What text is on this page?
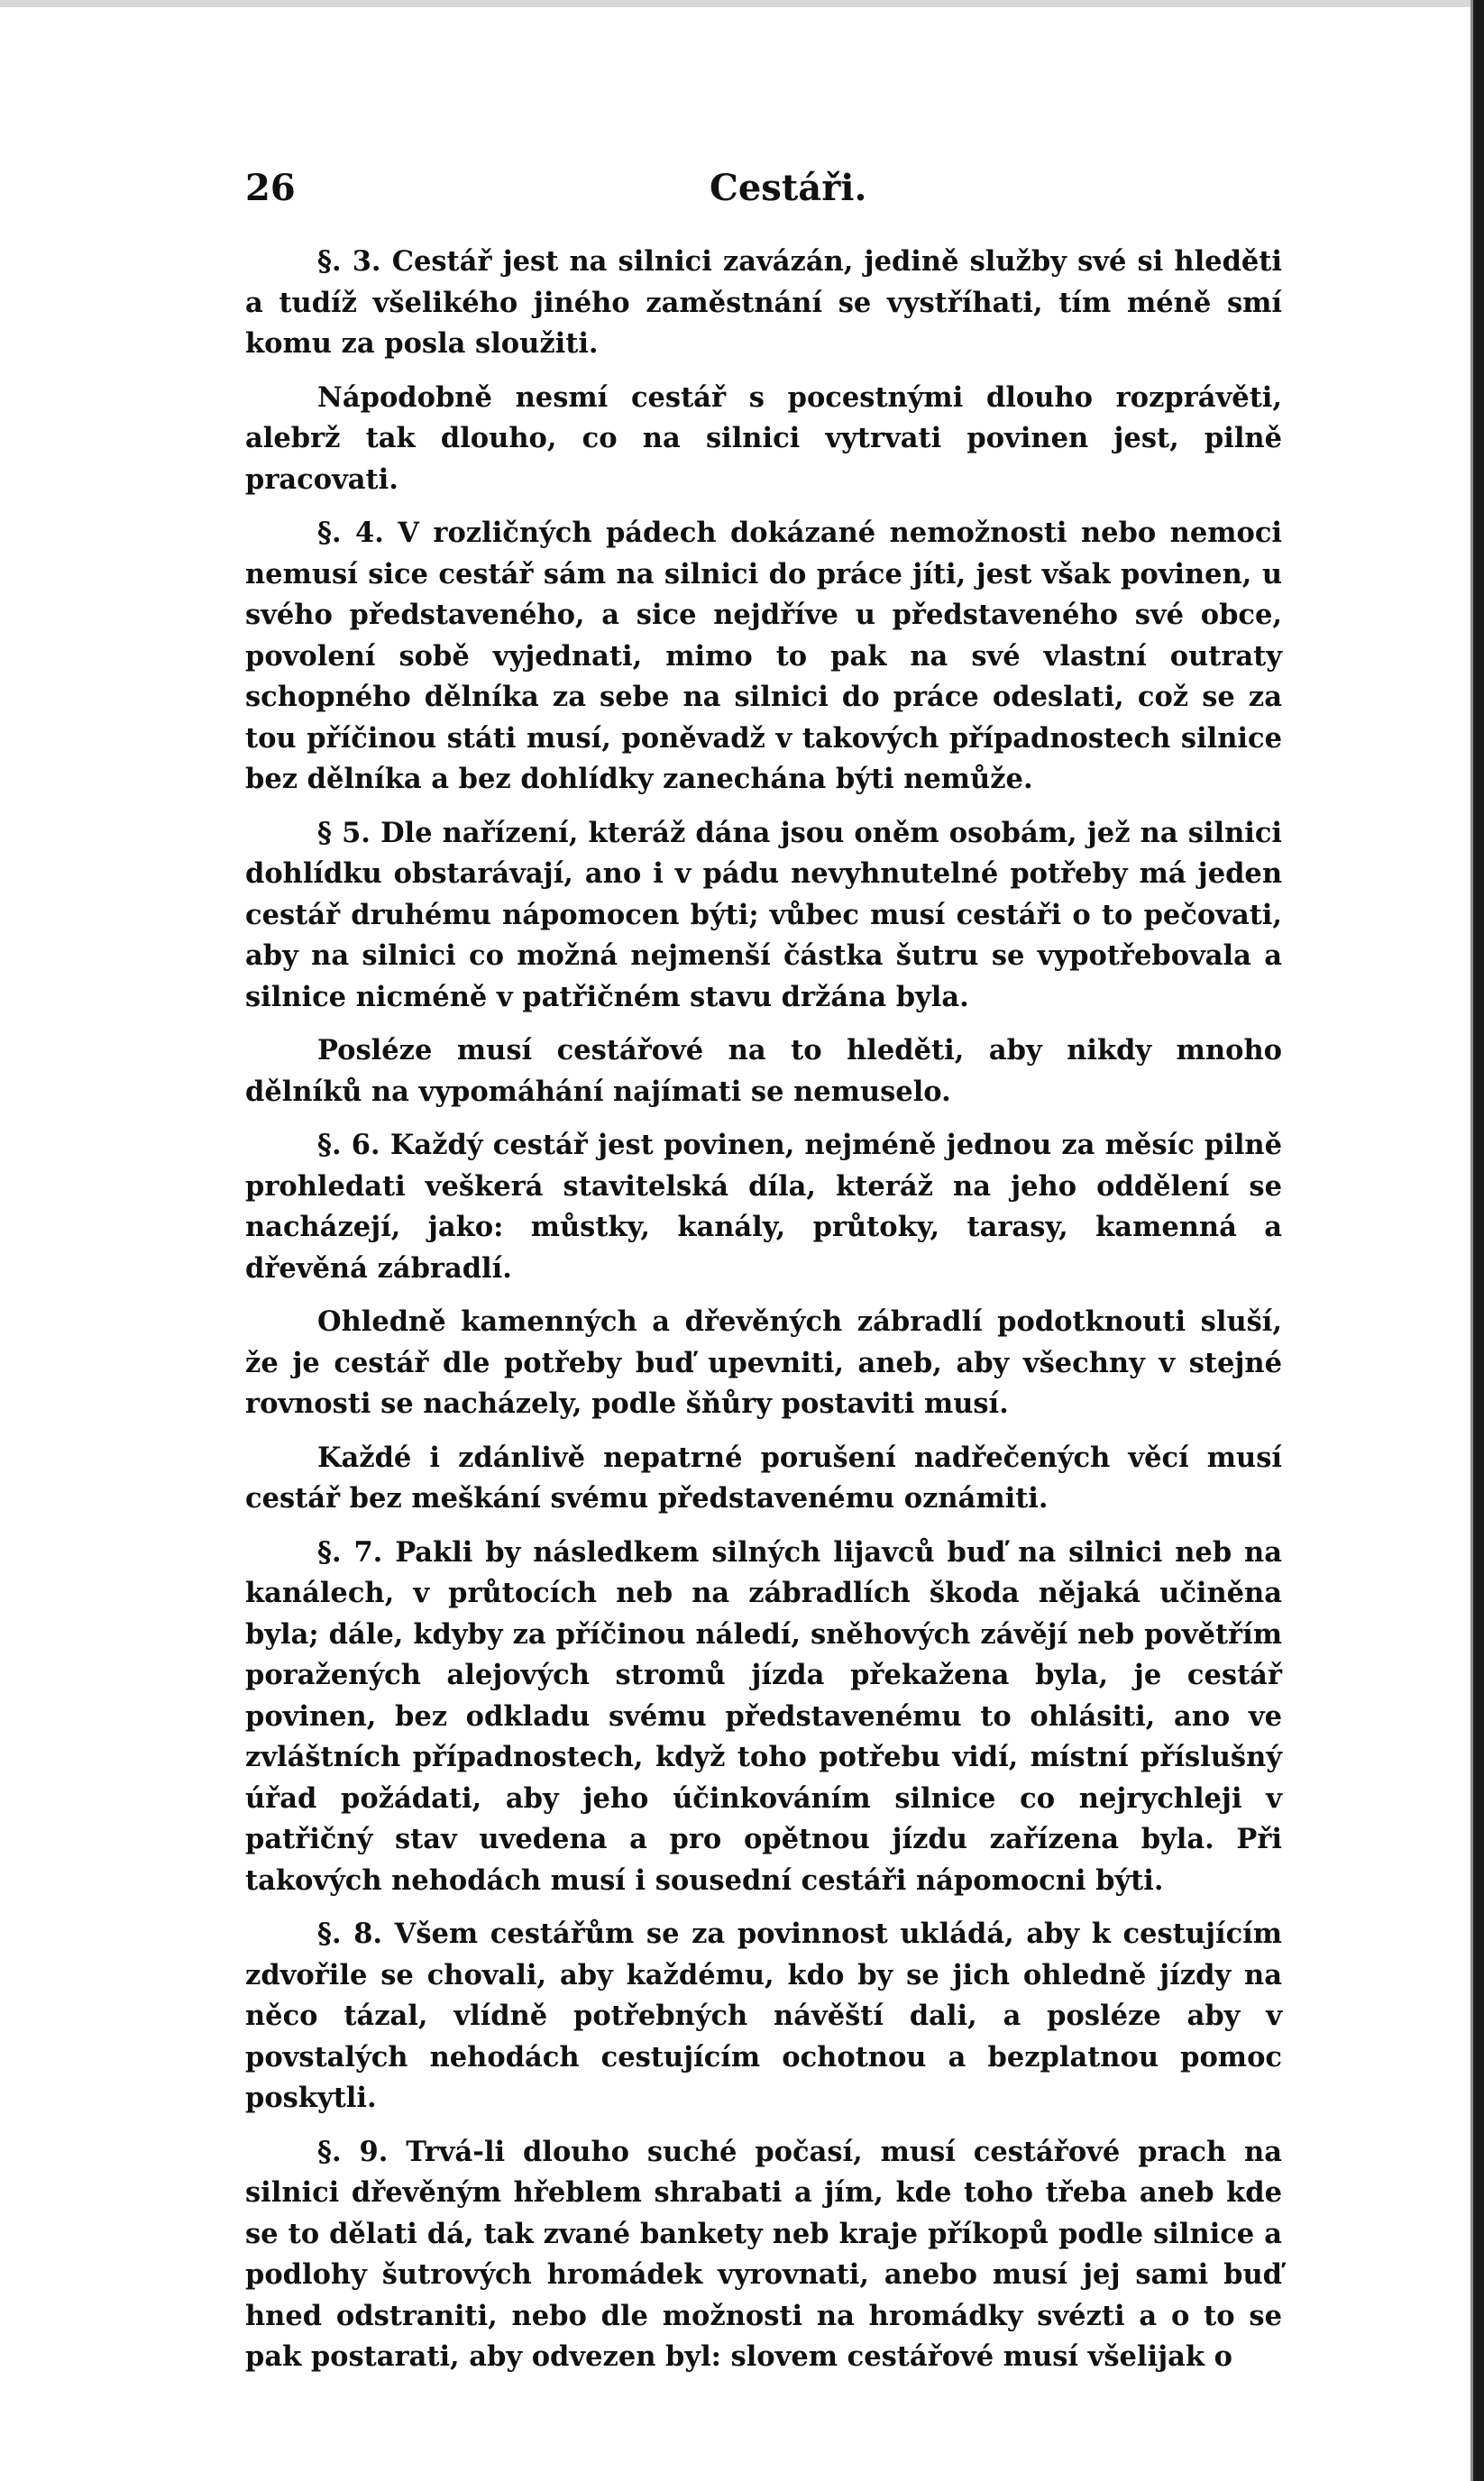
26	Cestáři.

§. 3. Cestář jest na silnici zavázán, jedině služby své si hleděti a tudíž všelikého jiného zaměstnání se vystříhati, tím méně smí komu za posla sloužiti.

Nápodobně nesmí cestář s pocestnými dlouho rozprávěti, alebrž tak dlouho, co na silnici vytrvati povinen jest, pilně pracovati.

§. 4. V rozličných pádech dokázané nemožnosti nebo nemoci nemusí sice cestář sám na silnici do práce jíti, jest však povinen, u svého představeného, a sice nejdříve u představeného své obce, povolení sobě vyjednati, mimo to pak na své vlastní outraty schopného dělníka za sebe na silnici do práce odeslati, což se za tou příčinou státi musí, poněvadž v takových případnostech silnice bez dělníka a bez dohlídky zanechána býti nemůže.

§ 5. Dle nařízení, kteráž dána jsou oněm osobám, jež na silnici dohlídku obstarávají, ano i v pádu nevyhnutelné potřeby má jeden cestář druhému nápomocen býti; vůbec musí cestáři o to pečovati, aby na silnici co možná nejmenší částka šutru se vypotřebovala a silnice nicméně v patřičném stavu držána byla.

Posléze musí cestářové na to hleděti, aby nikdy mnoho dělníků na vypomáhání najímati se nemuselo.

§. 6. Každý cestář jest povinen, nejméně jednou za měsíc pilně prohledati veškerá stavitelská díla, kteráž na jeho oddělení se nacházejí, jako: můstky, kanály, průtoky, tarasy, kamenná a dřevěná zábradlí.

Ohledně kamenných a dřevěných zábradlí podotknouti sluší, že je cestář dle potřeby buď upevniti, aneb, aby všechny v stejné rovnosti se nacházely, podle šňůry postaviti musí.

Každé i zdánlivě nepatrné porušení nadřečených věcí musí cestář bez meškání svému představenému oznámiti.

§. 7. Pakli by následkem silných lijavců buď na silnici neb na kanálech, v průtocích neb na zábradlích škoda nějaká učiněna byla; dále, kdyby za příčinou náledí, sněhových závějí neb povětřím poražených alejových stromů jízda překažena byla, je cestář povinen, bez odkladu svému představenému to ohlásiti, ano ve zvláštních případnostech, když toho potřebu vidí, místní příslušný úřad požádati, aby jeho účinkováním silnice co nejrychleji v patřičný stav uvedena a pro opětnou jízdu zařízena byla. Při takových nehodách musí i sousední cestáři nápomocni býti.

§. 8. Všem cestářům se za povinnost ukládá, aby k cestujícím zdvořile se chovali, aby každému, kdo by se jich ohledně jízdy na něco tázal, vlídně potřebných návěští dali, a posléze aby v povstalých nehodách cestujícím ochotnou a bezplatnou pomoc poskytli.

§. 9. Trvá-li dlouho suché počasí, musí cestářové prach na silnici dřevěným hřeblem shrabati a jím, kde toho třeba aneb kde se to dělati dá, tak zvané bankety neb kraje příkopů podle silnice a podlohy šutrových hromádek vyrovnati, anebo musí jej sami buď hned odstraniti, nebo dle možnosti na hromádky svézti a o to se pak postarati, aby odvezen byl: slovem cestářové musí všelijak o
